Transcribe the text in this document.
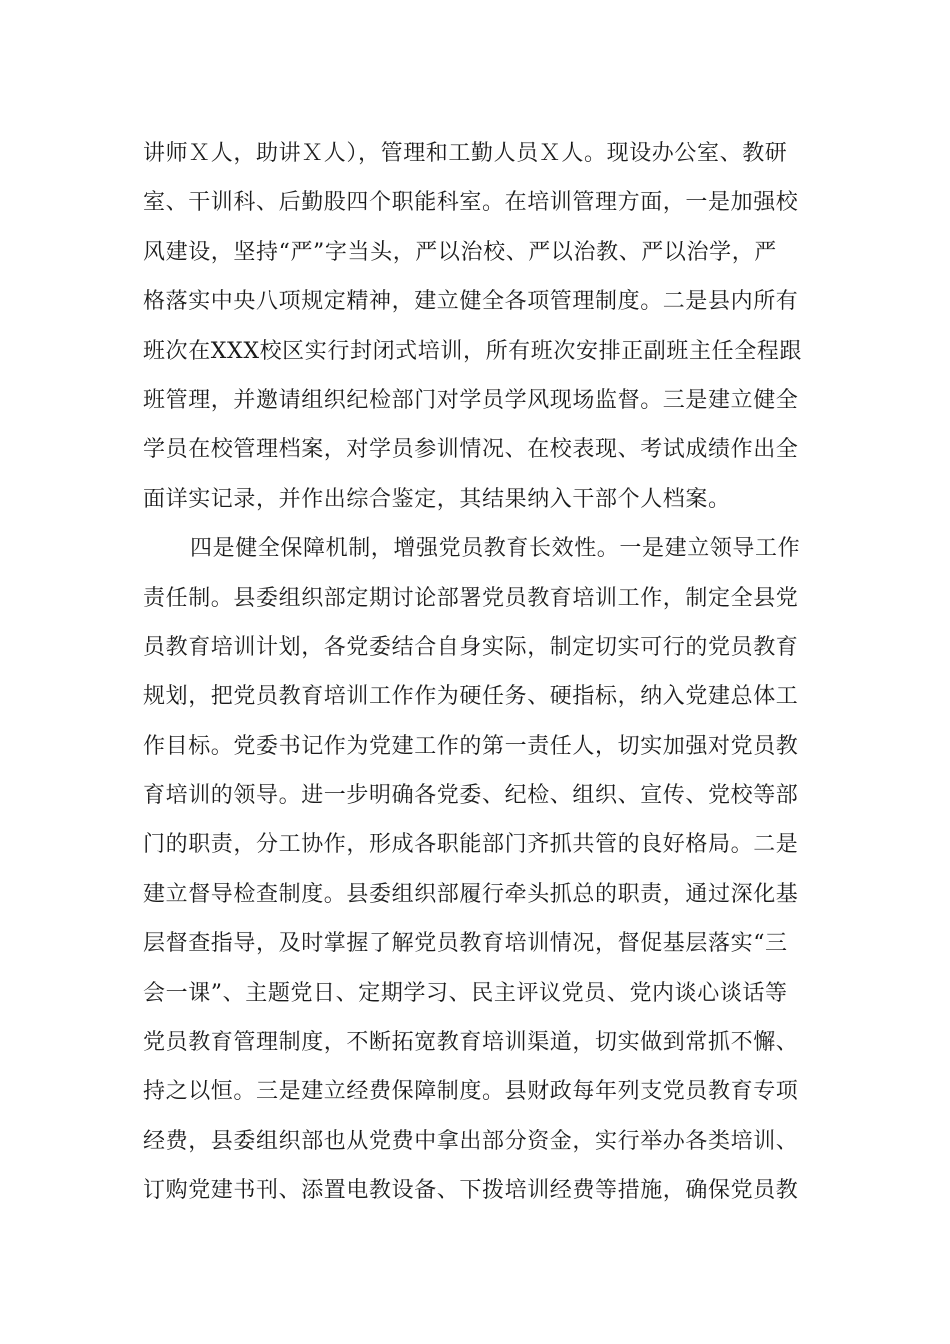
讲师Ｘ人，助讲Ｘ人），管理和工勤人员Ｘ人。现设办公室、教研
室、干训科、后勤股四个职能科室。在培训管理方面，一是加强校
风建设，坚持“严”字当头，严以治校、严以治教、严以治学，严
格落实中央八项规定精神，建立健全各项管理制度。二是县内所有
班次在XXX校区实行封闭式培训，所有班次安排正副班主任全程跟
班管理，并邀请组织纪检部门对学员学风现场监督。三是建立健全
学员在校管理档案，对学员参训情况、在校表现、考试成绩作出全
面详实记录，并作出综合鉴定，其结果纳入干部个人档案。
四是健全保障机制，增强党员教育长效性。一是建立领导工作
责任制。县委组织部定期讨论部署党员教育培训工作，制定全县党
员教育培训计划，各党委结合自身实际，制定切实可行的党员教育
规划，把党员教育培训工作作为硬任务、硬指标，纳入党建总体工
作目标。党委书记作为党建工作的第一责任人，切实加强对党员教
育培训的领导。进一步明确各党委、纪检、组织、宣传、党校等部
门的职责，分工协作，形成各职能部门齐抓共管的良好格局。二是
建立督导检查制度。县委组织部履行牵头抓总的职责，通过深化基
层督查指导，及时掌握了解党员教育培训情况，督促基层落实“三
会一课”、主题党日、定期学习、民主评议党员、党内谈心谈话等
党员教育管理制度，不断拓宽教育培训渠道，切实做到常抓不懈、
持之以恒。三是建立经费保障制度。县财政每年列支党员教育专项
经费，县委组织部也从党费中拿出部分资金，实行举办各类培训、
订购党建书刊、添置电教设备、下拨培训经费等措施，确保党员教
